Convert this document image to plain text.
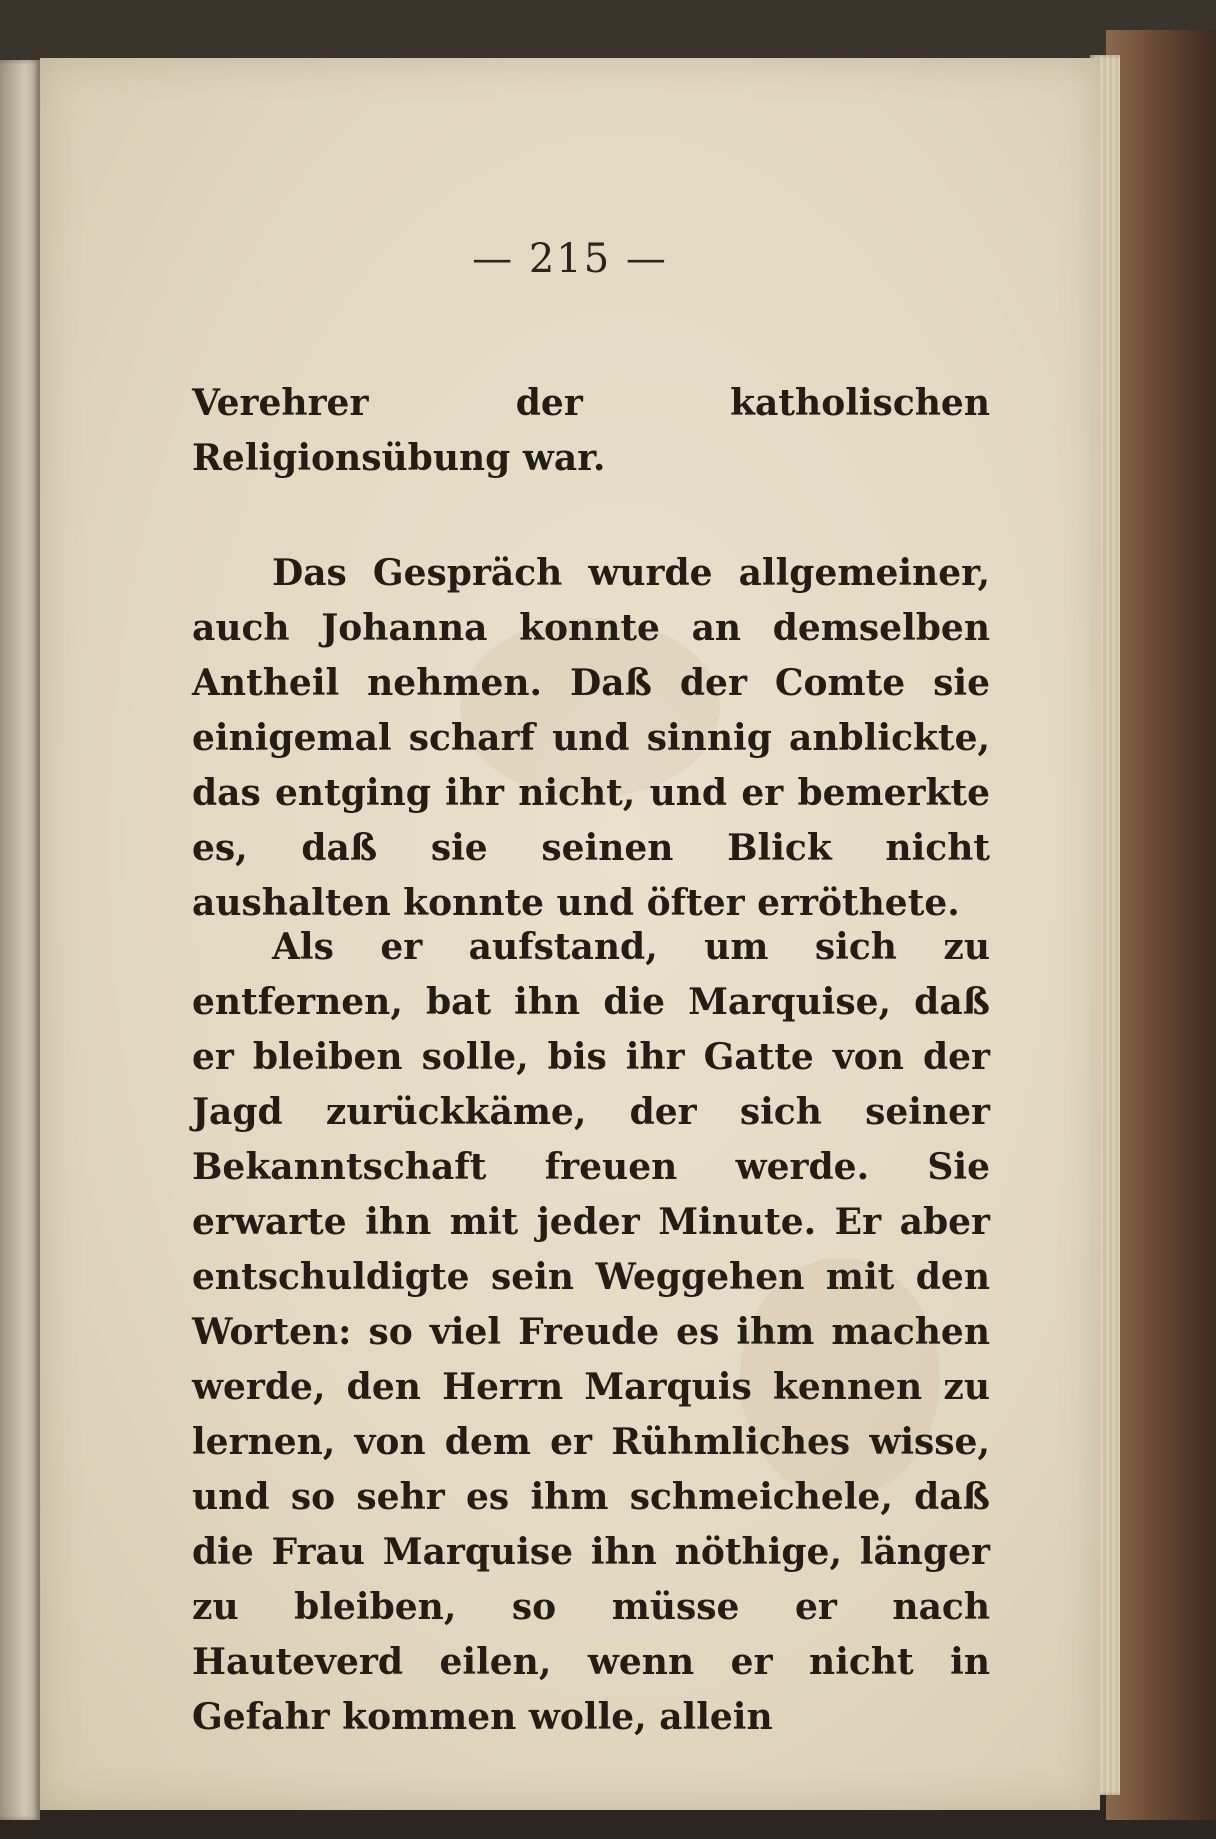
— 215 —
Verehrer der katholischen Religionsübung war.
Das Gespräch wurde allgemeiner, auch Johanna konnte an demselben Antheil nehmen. Daß der Comte sie einigemal scharf und sinnig anblickte, das entging ihr nicht, und er bemerkte es, daß sie seinen Blick nicht aushalten konnte und öfter erröthete.
Als er aufstand, um sich zu entfernen, bat ihn die Marquise, daß er bleiben solle, bis ihr Gatte von der Jagd zurückkäme, der sich seiner Bekanntschaft freuen werde. Sie erwarte ihn mit jeder Minute. Er aber entschuldigte sein Weggehen mit den Worten: so viel Freude es ihm machen werde, den Herrn Marquis kennen zu lernen, von dem er Rühmliches wisse, und so sehr es ihm schmeichele, daß die Frau Marquise ihn nöthige, länger zu bleiben, so müsse er nach Hauteverd eilen, wenn er nicht in Gefahr kommen wolle, allein
